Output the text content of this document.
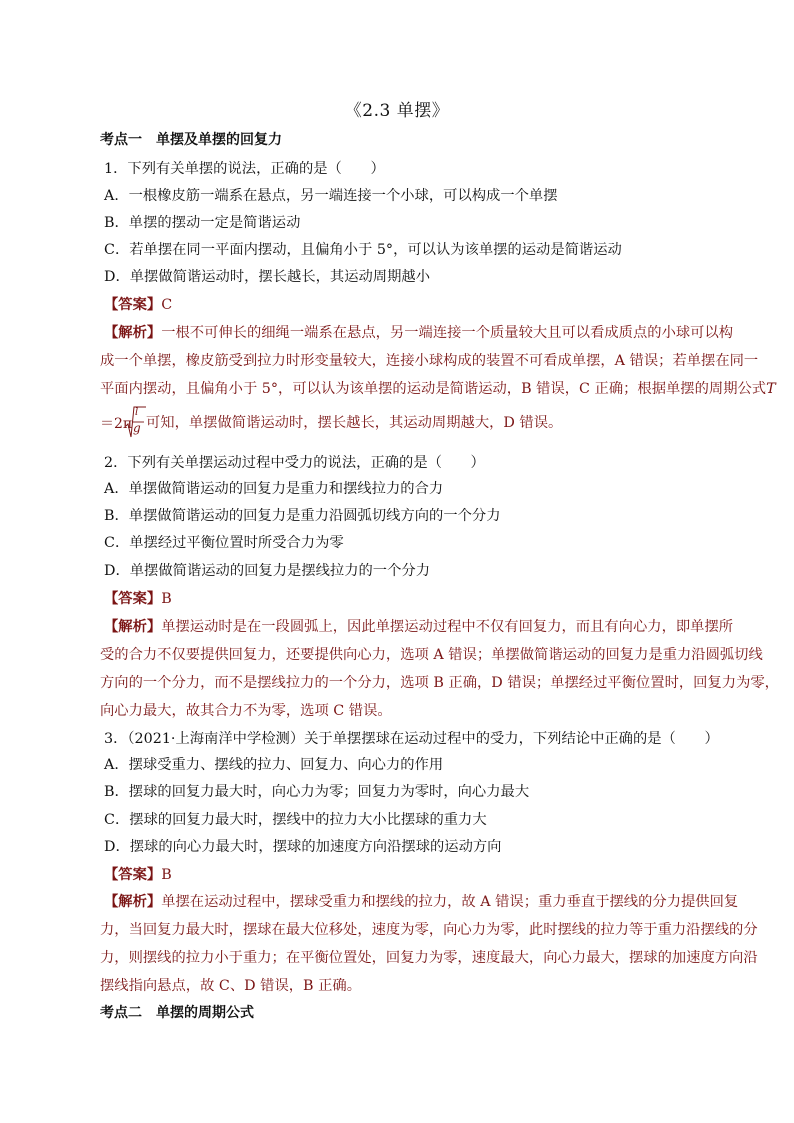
《2.3 单摆》
考点一　单摆及单摆的回复力
1．下列有关单摆的说法，正确的是（　　）
A．一根橡皮筋一端系在悬点，另一端连接一个小球，可以构成一个单摆
B．单摆的摆动一定是简谐运动
C．若单摆在同一平面内摆动，且偏角小于 5°，可以认为该单摆的运动是简谐运动
D．单摆做简谐运动时，摆长越长，其运动周期越小
【答案】C
【解析】一根不可伸长的细绳一端系在悬点，另一端连接一个质量较大且可以看成质点的小球可以构
成一个单摆，橡皮筋受到拉力时形变量较大，连接小球构成的装置不可看成单摆，A 错误；若单摆在同一
平面内摆动，且偏角小于 5°，可以认为该单摆的运动是简谐运动，B 错误，C 正确；根据单摆的周期公式T
＝2π
l
g 可知，单摆做简谐运动时，摆长越长，其运动周期越大，D 错误。
2．下列有关单摆运动过程中受力的说法，正确的是（　　）
A．单摆做简谐运动的回复力是重力和摆线拉力的合力
B．单摆做简谐运动的回复力是重力沿圆弧切线方向的一个分力
C．单摆经过平衡位置时所受合力为零
D．单摆做简谐运动的回复力是摆线拉力的一个分力
【答案】B
【解析】单摆运动时是在一段圆弧上，因此单摆运动过程中不仅有回复力，而且有向心力，即单摆所
受的合力不仅要提供回复力，还要提供向心力，选项 A 错误；单摆做简谐运动的回复力是重力沿圆弧切线
方向的一个分力，而不是摆线拉力的一个分力，选项 B 正确，D 错误；单摆经过平衡位置时，回复力为零，
向心力最大，故其合力不为零，选项 C 错误。
3．（2021·上海南洋中学检测）关于单摆摆球在运动过程中的受力，下列结论中正确的是（　　）
A．摆球受重力、摆线的拉力、回复力、向心力的作用
B．摆球的回复力最大时，向心力为零；回复力为零时，向心力最大
C．摆球的回复力最大时，摆线中的拉力大小比摆球的重力大
D．摆球的向心力最大时，摆球的加速度方向沿摆球的运动方向
【答案】B
【解析】单摆在运动过程中，摆球受重力和摆线的拉力，故 A 错误；重力垂直于摆线的分力提供回复
力，当回复力最大时，摆球在最大位移处，速度为零，向心力为零，此时摆线的拉力等于重力沿摆线的分
力，则摆线的拉力小于重力；在平衡位置处，回复力为零，速度最大，向心力最大，摆球的加速度方向沿
摆线指向悬点，故 C、D 错误，B 正确。
考点二　单摆的周期公式
